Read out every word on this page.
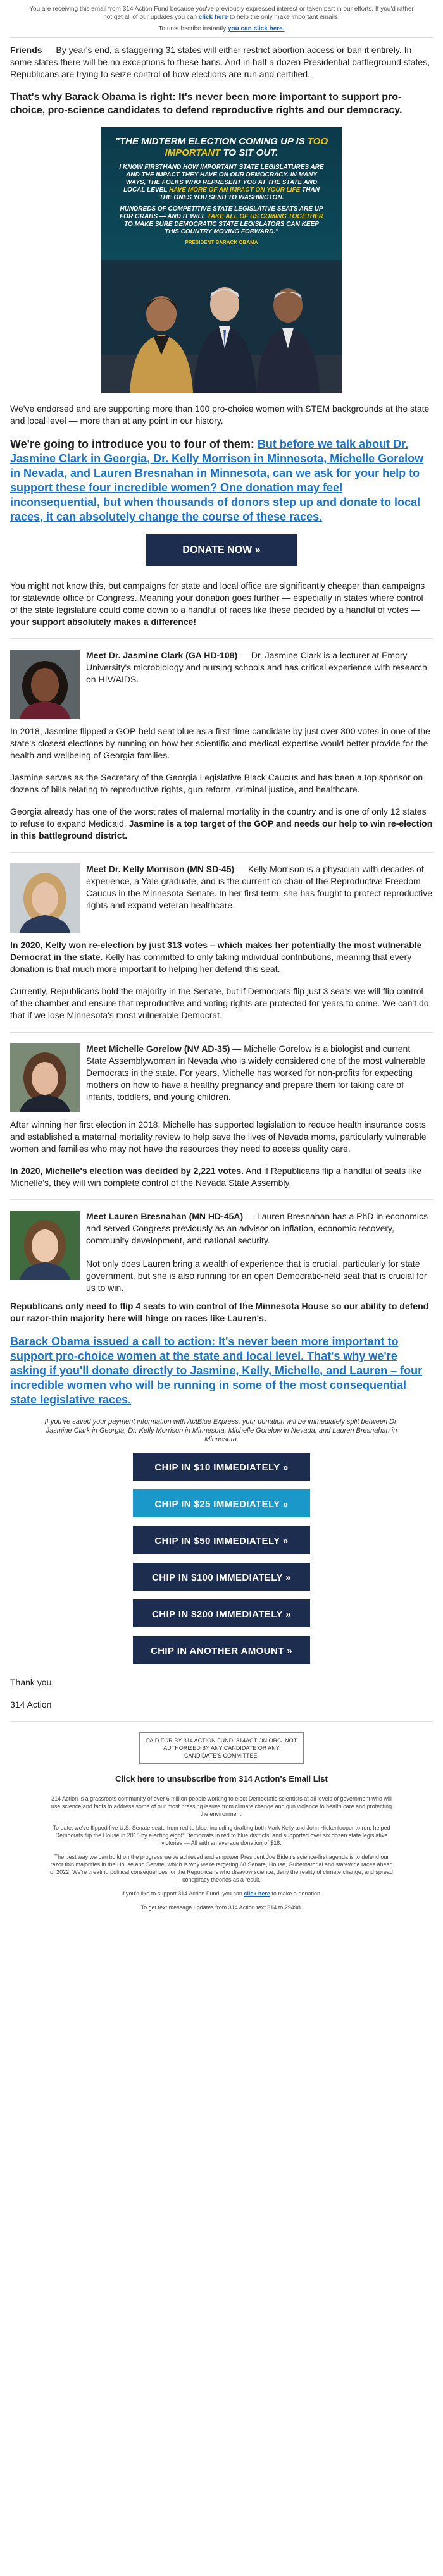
You are receiving this email from 314 Action Fund because you've previously expressed interest or taken part in our efforts. If you'd rather not get all of our updates you can click here to help the only make important emails.
To unsubscribe instantly you can click here.

Friends — By year's end, a staggering 31 states will either restrict abortion access or ban it entirely. In some states there will be no exceptions to these bans. And in half a dozen Presidential battleground states, Republicans are trying to seize control of how elections are run and certified.

That's why Barack Obama is right: It's never been more important to support pro-choice, pro-science candidates to defend reproductive rights and our democracy.

"THE MIDTERM ELECTION COMING UP IS TOO IMPORTANT TO SIT OUT.
I KNOW FIRSTHAND HOW IMPORTANT STATE LEGISLATURES ARE AND THE IMPACT THEY HAVE ON OUR DEMOCRACY. IN MANY WAYS, THE FOLKS WHO REPRESENT YOU AT THE STATE AND LOCAL LEVEL HAVE MORE OF AN IMPACT ON YOUR LIFE THAN THE ONES YOU SEND TO WASHINGTON.
HUNDREDS OF COMPETITIVE STATE LEGISLATIVE SEATS ARE UP FOR GRABS — AND IT WILL TAKE ALL OF US COMING TOGETHER TO MAKE SURE DEMOCRATIC STATE LEGISLATORS CAN KEEP THIS COUNTRY MOVING FORWARD."
PRESIDENT BARACK OBAMA

We've endorsed and are supporting more than 100 pro-choice women with STEM backgrounds at the state and local level — more than at any point in our history.

We're going to introduce you to four of them: But before we talk about Dr. Jasmine Clark in Georgia, Dr. Kelly Morrison in Minnesota, Michelle Gorelow in Nevada, and Lauren Bresnahan in Minnesota, can we ask for your help to support these four incredible women? One donation may feel inconsequential, but when thousands of donors step up and donate to local races, it can absolutely change the course of these races.

DONATE NOW »

You might not know this, but campaigns for state and local office are significantly cheaper than campaigns for statewide office or Congress. Meaning your donation goes further — especially in states where control of the state legislature could come down to a handful of races like these decided by a handful of votes — your support absolutely makes a difference!

Meet Dr. Jasmine Clark (GA HD-108) — Dr. Jasmine Clark is a lecturer at Emory University's microbiology and nursing schools and has critical experience with research on HIV/AIDS.

In 2018, Jasmine flipped a GOP-held seat blue as a first-time candidate by just over 300 votes in one of the state's closest elections by running on how her scientific and medical expertise would better provide for the health and wellbeing of Georgia families.

Jasmine serves as the Secretary of the Georgia Legislative Black Caucus and has been a top sponsor on dozens of bills relating to reproductive rights, gun reform, criminal justice, and healthcare.

Georgia already has one of the worst rates of maternal mortality in the country and is one of only 12 states to refuse to expand Medicaid. Jasmine is a top target of the GOP and needs our help to win re-election in this battleground district.

Meet Dr. Kelly Morrison (MN SD-45) — Kelly Morrison is a physician with decades of experience, a Yale graduate, and is the current co-chair of the Reproductive Freedom Caucus in the Minnesota Senate. In her first term, she has fought to protect reproductive rights and expand veteran healthcare.

In 2020, Kelly won re-election by just 313 votes – which makes her potentially the most vulnerable Democrat in the state. Kelly has committed to only taking individual contributions, meaning that every donation is that much more important to helping her defend this seat.

Currently, Republicans hold the majority in the Senate, but if Democrats flip just 3 seats we will flip control of the chamber and ensure that reproductive and voting rights are protected for years to come. We can't do that if we lose Minnesota's most vulnerable Democrat.

Meet Michelle Gorelow (NV AD-35) — Michelle Gorelow is a biologist and current State Assemblywoman in Nevada who is widely considered one of the most vulnerable Democrats in the state. For years, Michelle has worked for non-profits for expecting mothers on how to have a healthy pregnancy and prepare them for taking care of infants, toddlers, and young children.

After winning her first election in 2018, Michelle has supported legislation to reduce health insurance costs and established a maternal mortality review to help save the lives of Nevada moms, particularly vulnerable women and families who may not have the resources they need to access quality care.

In 2020, Michelle's election was decided by 2,221 votes. And if Republicans flip a handful of seats like Michelle's, they will win complete control of the Nevada State Assembly.

Meet Lauren Bresnahan (MN HD-45A) — Lauren Bresnahan has a PhD in economics and served Congress previously as an advisor on inflation, economic recovery, community development, and national security.
Not only does Lauren bring a wealth of experience that is crucial, particularly for state government, but she is also running for an open Democratic-held seat that is crucial for us to win.

Republicans only need to flip 4 seats to win control of the Minnesota House so our ability to defend our razor-thin majority here will hinge on races like Lauren's.

Barack Obama issued a call to action: It's never been more important to support pro-choice women at the state and local level. That's why we're asking if you'll donate directly to Jasmine, Kelly, Michelle, and Lauren – four incredible women who will be running in some of the most consequential state legislative races.

If you've saved your payment information with ActBlue Express, your donation will be immediately split between Dr. Jasmine Clark in Georgia, Dr. Kelly Morrison in Minnesota, Michelle Gorelow in Nevada, and Lauren Bresnahan in Minnesota.

CHIP IN $10 IMMEDIATELY »
CHIP IN $25 IMMEDIATELY »
CHIP IN $50 IMMEDIATELY »
CHIP IN $100 IMMEDIATELY »
CHIP IN $200 IMMEDIATELY »
CHIP IN ANOTHER AMOUNT »

Thank you,

314 Action

PAID FOR BY 314 ACTION FUND, 314ACTION.ORG. NOT AUTHORIZED BY ANY CANDIDATE OR ANY CANDIDATE'S COMMITTEE.

Click here to unsubscribe from 314 Action's Email List

314 Action is a grassroots community of over 6 million people working to elect Democratic scientists at all levels of government who will use science and facts to address some of our most pressing issues from climate change and gun violence to health care and protecting the environment.

To date, we've flipped five U.S. Senate seats from red to blue, including drafting both Mark Kelly and John Hickenlooper to run, helped Democrats flip the House in 2018 by electing eight* Democrats in red to blue districts, and supported over six dozen state legislative victories — All with an average donation of $18.

The best way we can build on the progress we've achieved and empower President Joe Biden's science-first agenda is to defend our razor thin majorities in the House and Senate, which is why we're targeting 68 Senate, House, Gubernatorial and statewide races ahead of 2022. We're creating political consequences for the Republicans who disavow science, deny the reality of climate change, and spread conspiracy theories as a result.

If you'd like to support 314 Action Fund, you can click here to make a donation.

To get text message updates from 314 Action text 314 to 29498.
